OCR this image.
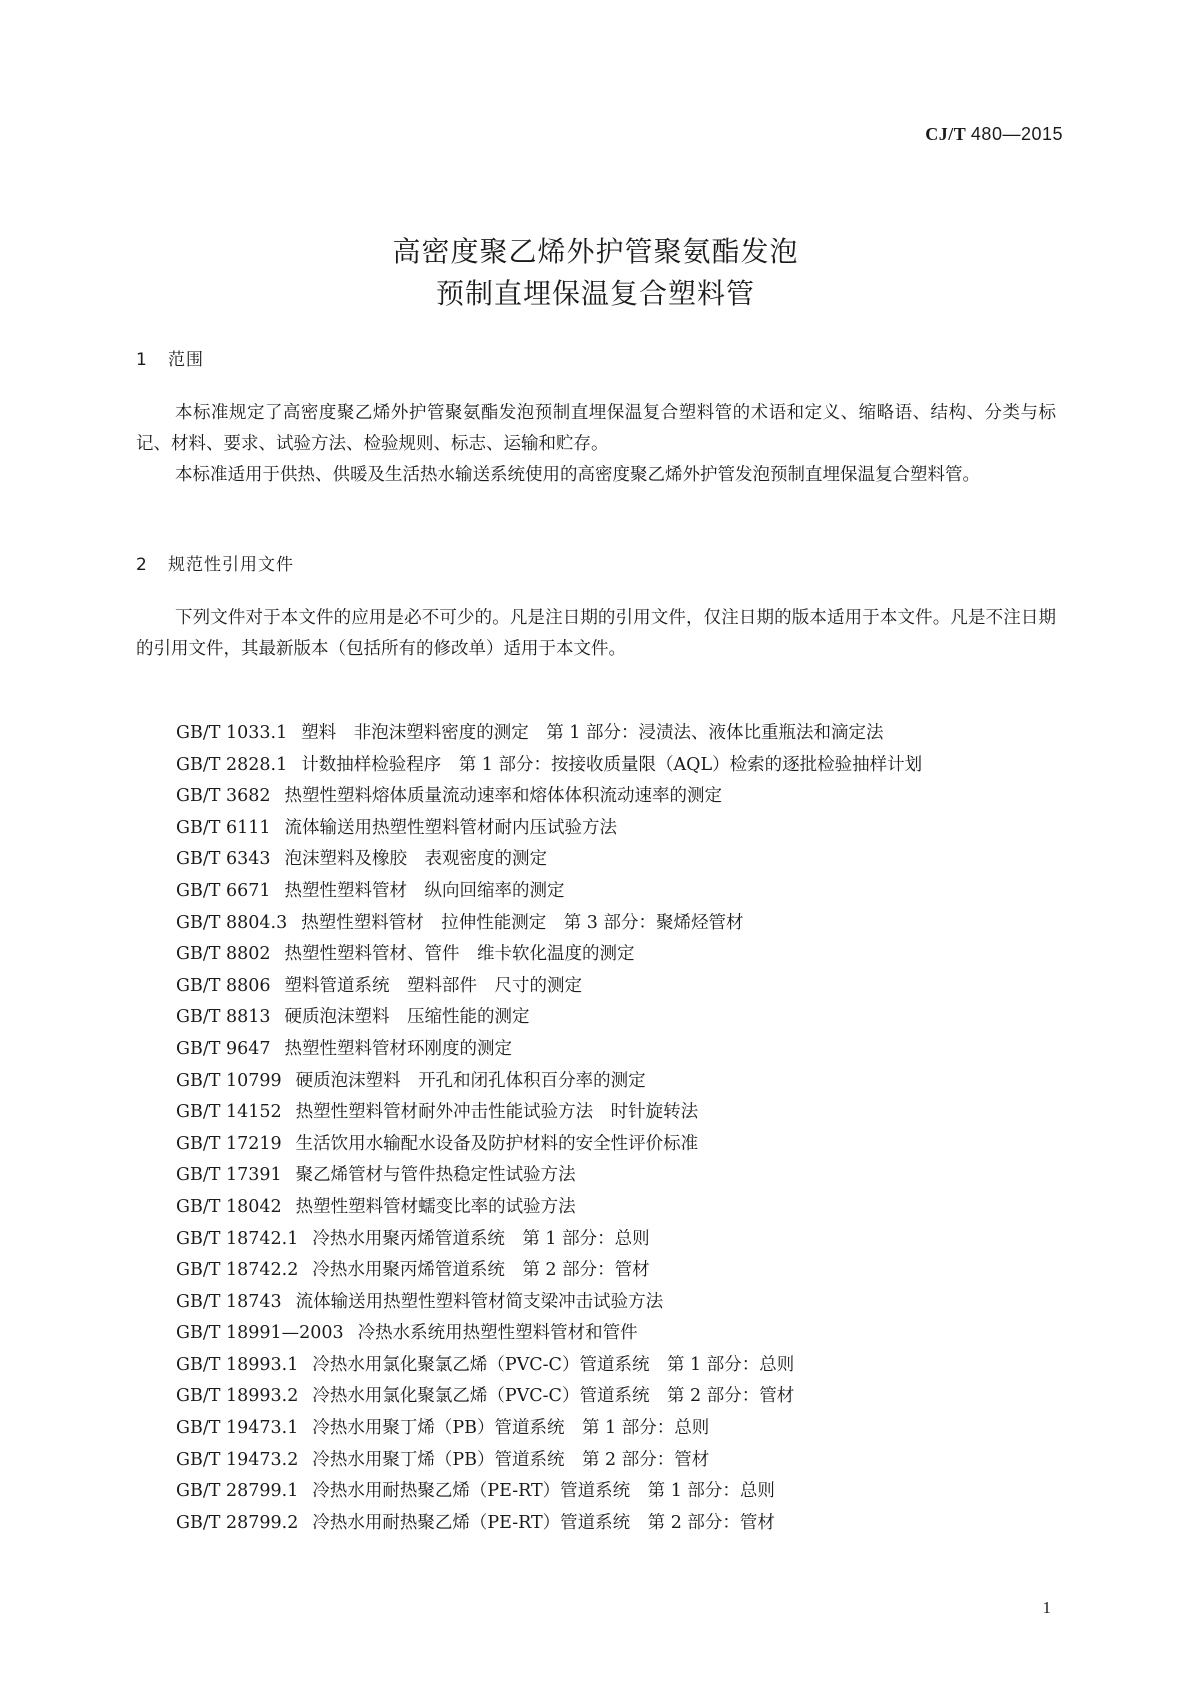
CJ/T 480—2015
高密度聚乙烯外护管聚氨酯发泡
预制直埋保温复合塑料管
1 范围

本标准规定了高密度聚乙烯外护管聚氨酯发泡预制直埋保温复合塑料管的术语和定义、缩略语、结构、分类与标记、材料、要求、试验方法、检验规则、标志、运输和贮存。

本标准适用于供热、供暖及生活热水输送系统使用的高密度聚乙烯外护管发泡预制直埋保温复合塑料管。

2 规范性引用文件

下列文件对于本文件的应用是必不可少的。凡是注日期的引用文件，仅注日期的版本适用于本文件。凡是不注日期的引用文件，其最新版本（包括所有的修改单）适用于本文件。

GB/T 1033.1 塑料　非泡沫塑料密度的测定　第 1 部分：浸渍法、液体比重瓶法和滴定法
GB/T 2828.1 计数抽样检验程序　第 1 部分：按接收质量限（AQL）检索的逐批检验抽样计划
GB/T 3682 热塑性塑料熔体质量流动速率和熔体体积流动速率的测定
GB/T 6111 流体输送用热塑性塑料管材耐内压试验方法
GB/T 6343 泡沫塑料及橡胶　表观密度的测定
GB/T 6671 热塑性塑料管材　纵向回缩率的测定
GB/T 8804.3 热塑性塑料管材　拉伸性能测定　第 3 部分：聚烯烃管材
GB/T 8802 热塑性塑料管材、管件　维卡软化温度的测定
GB/T 8806 塑料管道系统　塑料部件　尺寸的测定
GB/T 8813 硬质泡沫塑料　压缩性能的测定
GB/T 9647 热塑性塑料管材环刚度的测定
GB/T 10799 硬质泡沫塑料　开孔和闭孔体积百分率的测定
GB/T 14152 热塑性塑料管材耐外冲击性能试验方法　时针旋转法
GB/T 17219 生活饮用水输配水设备及防护材料的安全性评价标准
GB/T 17391 聚乙烯管材与管件热稳定性试验方法
GB/T 18042 热塑性塑料管材蠕变比率的试验方法
GB/T 18742.1 冷热水用聚丙烯管道系统　第 1 部分：总则
GB/T 18742.2 冷热水用聚丙烯管道系统　第 2 部分：管材
GB/T 18743 流体输送用热塑性塑料管材简支梁冲击试验方法
GB/T 18991—2003 冷热水系统用热塑性塑料管材和管件
GB/T 18993.1 冷热水用氯化聚氯乙烯（PVC-C）管道系统　第 1 部分：总则
GB/T 18993.2 冷热水用氯化聚氯乙烯（PVC-C）管道系统　第 2 部分：管材
GB/T 19473.1 冷热水用聚丁烯（PB）管道系统　第 1 部分：总则
GB/T 19473.2 冷热水用聚丁烯（PB）管道系统　第 2 部分：管材
GB/T 28799.1 冷热水用耐热聚乙烯（PE-RT）管道系统　第 1 部分：总则
GB/T 28799.2 冷热水用耐热聚乙烯（PE-RT）管道系统　第 2 部分：管材
1
